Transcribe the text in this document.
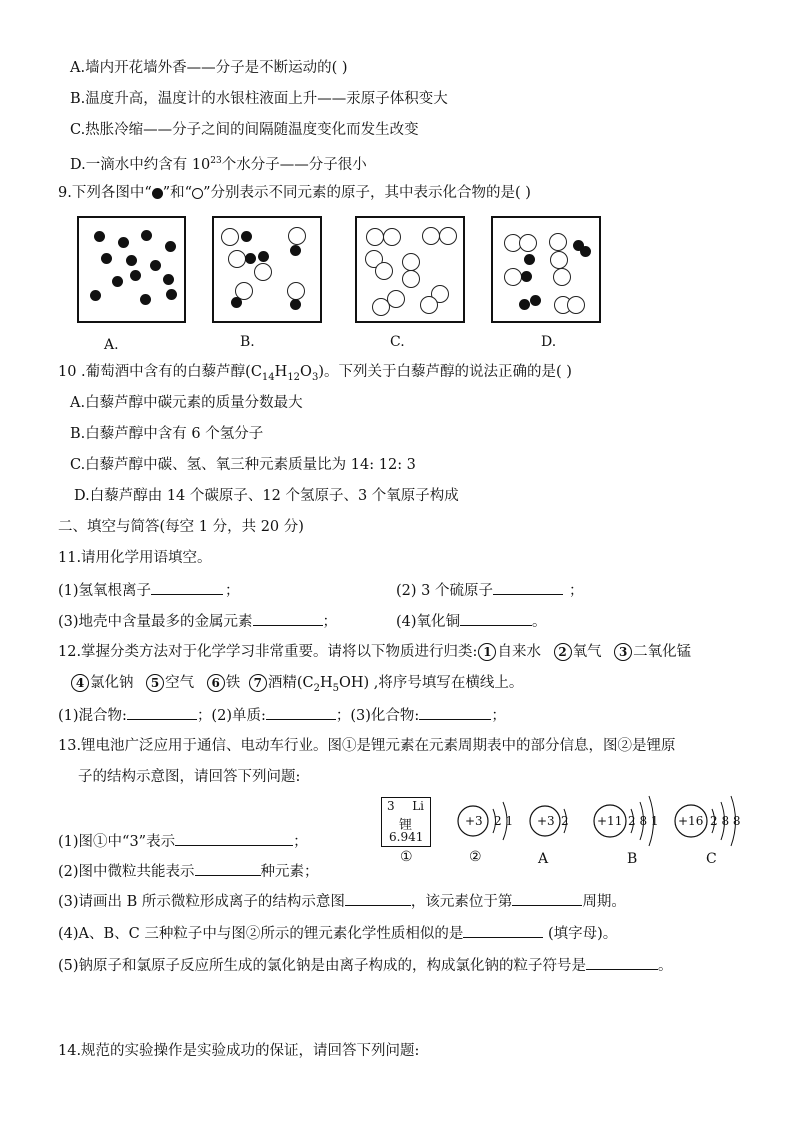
A.墙内开花墙外香——分子是不断运动的( )
B.温度升高，温度计的水银柱液面上升——汞原子体积变大
C.热胀冷缩——分子之间的间隔随温度变化而发生改变
D.一滴水中约含有 $10^{23}$个水分子——分子很小
9.下列各图中“ ”和“ ”分别表示不同元素的原子，其中表示化合物的是( )
A.	B.	C.	D.
10 .葡萄酒中含有的白藜芦醇$(C_{14}H_{12}O_3)$。下列关于白藜芦醇的说法正确的是( )
A.白藜芦醇中碳元素的质量分数最大
B.白藜芦醇中含有 6 个氢分子
C.白藜芦醇中碳、氢、氧三种元素质量比为 14: 12: 3
D.白藜芦醇由 14 个碳原子、12 个氢原子、3 个氧原子构成
二、填空与简答(每空 1 分，共 20 分)
11.请用化学用语填空。
(1)氢氧根离子	；	(2) 3 个硫原子	；
(3)地壳中含量最多的金属元素	；	(4)氧化铜	。
12.掌握分类方法对于化学学习非常重要。请将以下物质进行归类: 1 自来水 2 氧气 3 二氧化锰
4 氯化钠 5 空气 6 铁 7 酒精$(C_2H_5OH)$ ,将序号填写在横线上。
(1)混合物:	；(2)单质:	；(3)化合物:	；
13.锂电池广泛应用于通信、电动车行业。图①是锂元素在元素周期表中的部分信息，图②是锂原
子的结构示意图，请回答下列问题:
3 Li
锂
6.941
①
+3 2 1 +3 2 +11 2 8 1 +16 2 8 8
②	A	B	C
(1)图①中“3”表示	；
(2)图中微粒共能表示	种元素；
(3)请画出 B 所示微粒形成离子的结构示意图	，该元素位于第	周期。
(4)A、B、C 三种粒子中与图②所示的锂元素化学性质相似的是	(填字母)。
(5)钠原子和氯原子反应所生成的氯化钠是由离子构成的，构成氯化钠的粒子符号是	。
14.规范的实验操作是实验成功的保证，请回答下列问题:
